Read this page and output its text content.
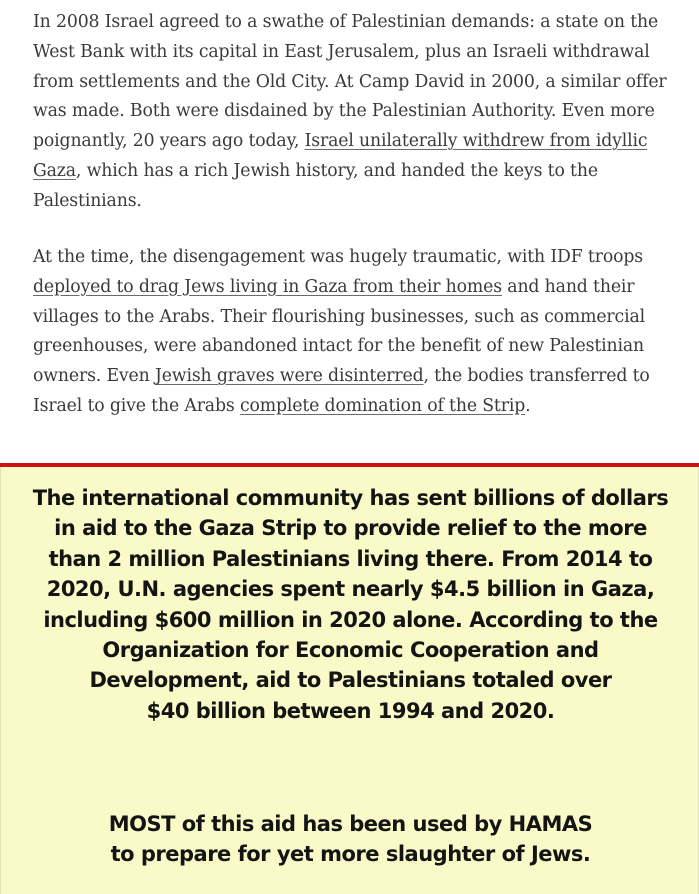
In 2008 Israel agreed to a swathe of Palestinian demands: a state on the West Bank with its capital in East Jerusalem, plus an Israeli withdrawal from settlements and the Old City. At Camp David in 2000, a similar offer was made. Both were disdained by the Palestinian Authority. Even more poignantly, 20 years ago today, Israel unilaterally withdrew from idyllic Gaza, which has a rich Jewish history, and handed the keys to the Palestinians.

At the time, the disengagement was hugely traumatic, with IDF troops deployed to drag Jews living in Gaza from their homes and hand their villages to the Arabs. Their flourishing businesses, such as commercial greenhouses, were abandoned intact for the benefit of new Palestinian owners. Even Jewish graves were disinterred, the bodies transferred to Israel to give the Arabs complete domination of the Strip.

The international community has sent billions of dollars
in aid to the Gaza Strip to provide relief to the more
than 2 million Palestinians living there. From 2014 to
2020, U.N. agencies spent nearly $4.5 billion in Gaza,
including $600 million in 2020 alone. According to the
Organization for Economic Cooperation and
Development, aid to Palestinians totaled over
$40 billion between 1994 and 2020.

MOST of this aid has been used by HAMAS
to prepare for yet more slaughter of Jews.
